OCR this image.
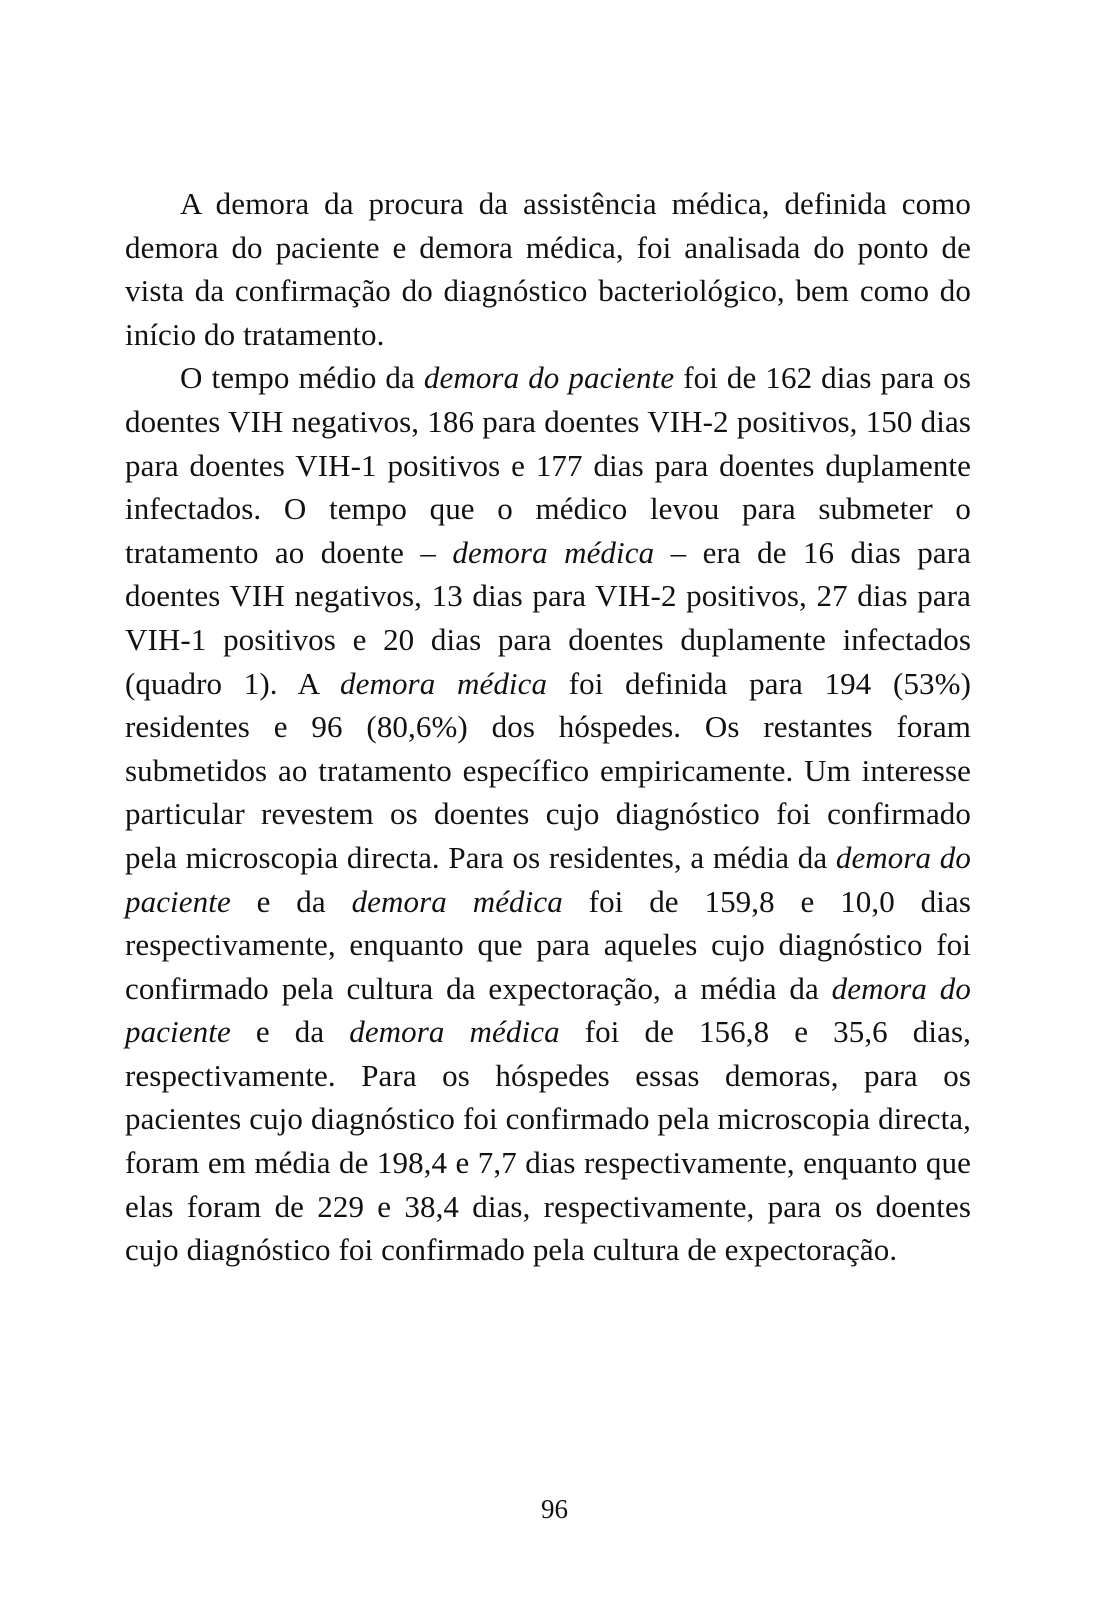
A demora da procura da assistência médica, definida como demora do paciente e demora médica, foi analisada do ponto de vista da confirmação do diagnóstico bacteriológico, bem como do início do tratamento.

O tempo médio da demora do paciente foi de 162 dias para os doentes VIH negativos, 186 para doentes VIH-2 positivos, 150 dias para doentes VIH-1 positivos e 177 dias para doentes duplamente infectados. O tempo que o médico levou para submeter o tratamento ao doente – demora médica – era de 16 dias para doentes VIH negativos, 13 dias para VIH-2 positivos, 27 dias para VIH-1 positivos e 20 dias para doentes duplamente infectados (quadro 1). A demora médica foi definida para 194 (53%) residentes e 96 (80,6%) dos hóspedes. Os restantes foram submetidos ao tratamento específico empiricamente. Um interesse particular revestem os doentes cujo diagnóstico foi confirmado pela microscopia directa. Para os residentes, a média da demora do paciente e da demora médica foi de 159,8 e 10,0 dias respectivamente, enquanto que para aqueles cujo diagnóstico foi confirmado pela cultura da expectoração, a média da demora do paciente e da demora médica foi de 156,8 e 35,6 dias, respectivamente. Para os hóspedes essas demoras, para os pacientes cujo diagnóstico foi confirmado pela microscopia directa, foram em média de 198,4 e 7,7 dias respectivamente, enquanto que elas foram de 229 e 38,4 dias, respectivamente, para os doentes cujo diagnóstico foi confirmado pela cultura de expectoração.

96
